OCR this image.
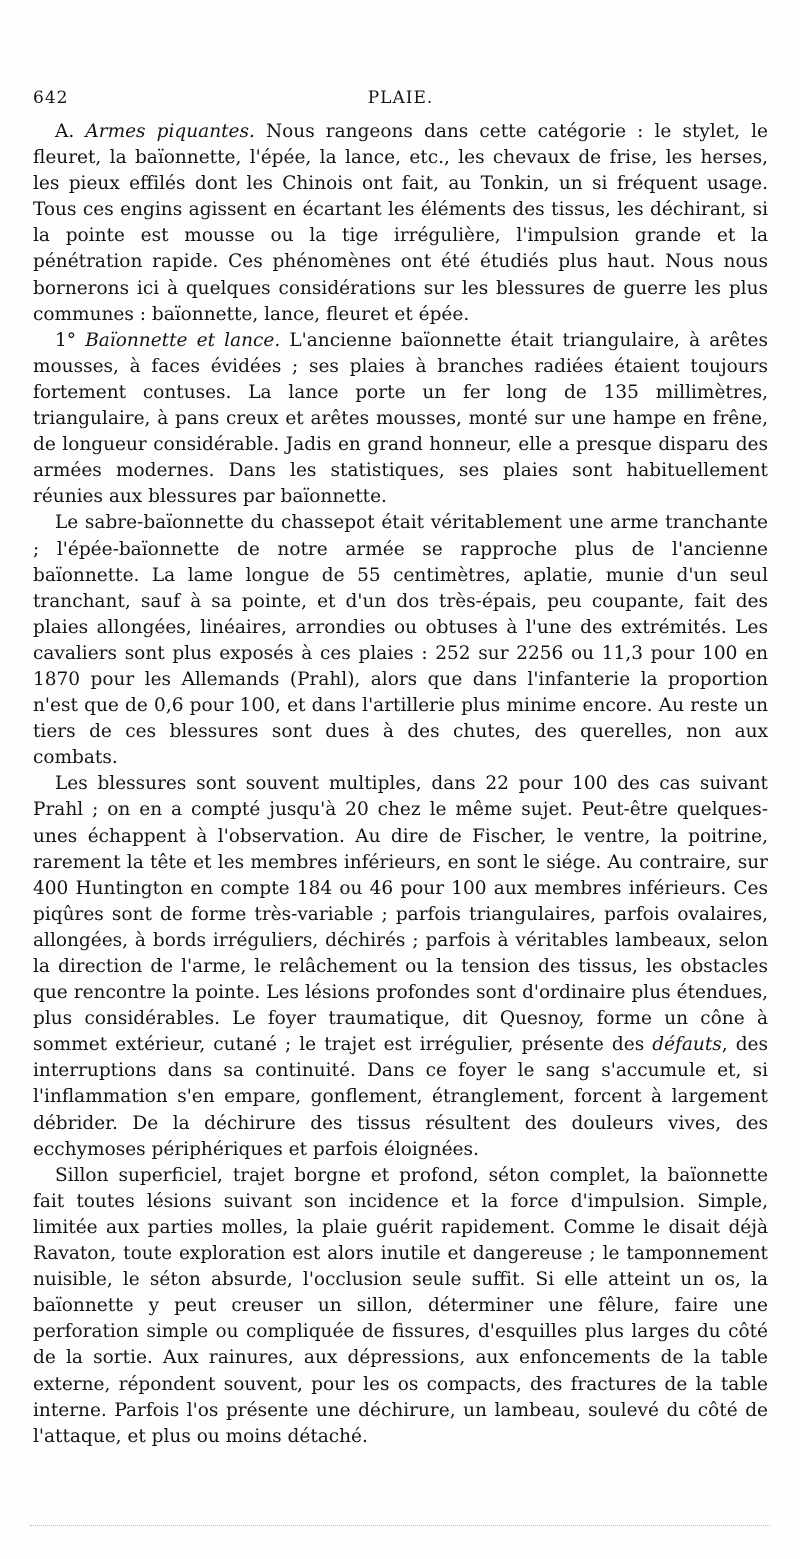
642	PLAIE.

A. Armes piquantes. Nous rangeons dans cette catégorie : le stylet, le fleuret, la baïonnette, l'épée, la lance, etc., les chevaux de frise, les herses, les pieux effilés dont les Chinois ont fait, au Tonkin, un si fréquent usage. Tous ces engins agissent en écartant les éléments des tissus, les déchirant, si la pointe est mousse ou la tige irrégulière, l'impulsion grande et la pénétration rapide. Ces phénomènes ont été étudiés plus haut. Nous nous bornerons ici à quelques considérations sur les blessures de guerre les plus communes : baïonnette, lance, fleuret et épée.

1° Baïonnette et lance. L'ancienne baïonnette était triangulaire, à arêtes mousses, à faces évidées ; ses plaies à branches radiées étaient toujours fortement contuses. La lance porte un fer long de 135 millimètres, triangulaire, à pans creux et arêtes mousses, monté sur une hampe en frêne, de longueur considérable. Jadis en grand honneur, elle a presque disparu des armées modernes. Dans les statistiques, ses plaies sont habituellement réunies aux blessures par baïonnette.

Le sabre-baïonnette du chassepot était véritablement une arme tranchante ; l'épée-baïonnette de notre armée se rapproche plus de l'ancienne baïonnette. La lame longue de 55 centimètres, aplatie, munie d'un seul tranchant, sauf à sa pointe, et d'un dos très-épais, peu coupante, fait des plaies allongées, linéaires, arrondies ou obtuses à l'une des extrémités. Les cavaliers sont plus exposés à ces plaies : 252 sur 2256 ou 11,3 pour 100 en 1870 pour les Allemands (Prahl), alors que dans l'infanterie la proportion n'est que de 0,6 pour 100, et dans l'artillerie plus minime encore. Au reste un tiers de ces blessures sont dues à des chutes, des querelles, non aux combats.

Les blessures sont souvent multiples, dans 22 pour 100 des cas suivant Prahl ; on en a compté jusqu'à 20 chez le même sujet. Peut-être quelques-unes échappent à l'observation. Au dire de Fischer, le ventre, la poitrine, rarement la tête et les membres inférieurs, en sont le siége. Au contraire, sur 400 Huntington en compte 184 ou 46 pour 100 aux membres inférieurs. Ces piqûres sont de forme très-variable ; parfois triangulaires, parfois ovalaires, allongées, à bords irréguliers, déchirés ; parfois à véritables lambeaux, selon la direction de l'arme, le relâchement ou la tension des tissus, les obstacles que rencontre la pointe. Les lésions profondes sont d'ordinaire plus étendues, plus considérables. Le foyer traumatique, dit Quesnoy, forme un cône à sommet extérieur, cutané ; le trajet est irrégulier, présente des défauts, des interruptions dans sa continuité. Dans ce foyer le sang s'accumule et, si l'inflammation s'en empare, gonflement, étranglement, forcent à largement débrider. De la déchirure des tissus résultent des douleurs vives, des ecchymoses périphériques et parfois éloignées.

Sillon superficiel, trajet borgne et profond, séton complet, la baïonnette fait toutes lésions suivant son incidence et la force d'impulsion. Simple, limitée aux parties molles, la plaie guérit rapidement. Comme le disait déjà Ravaton, toute exploration est alors inutile et dangereuse ; le tamponnement nuisible, le séton absurde, l'occlusion seule suffit. Si elle atteint un os, la baïonnette y peut creuser un sillon, déterminer une fêlure, faire une perforation simple ou compliquée de fissures, d'esquilles plus larges du côté de la sortie. Aux rainures, aux dépressions, aux enfoncements de la table externe, répondent souvent, pour les os compacts, des fractures de la table interne. Parfois l'os présente une déchirure, un lambeau, soulevé du côté de l'attaque, et plus ou moins détaché.
